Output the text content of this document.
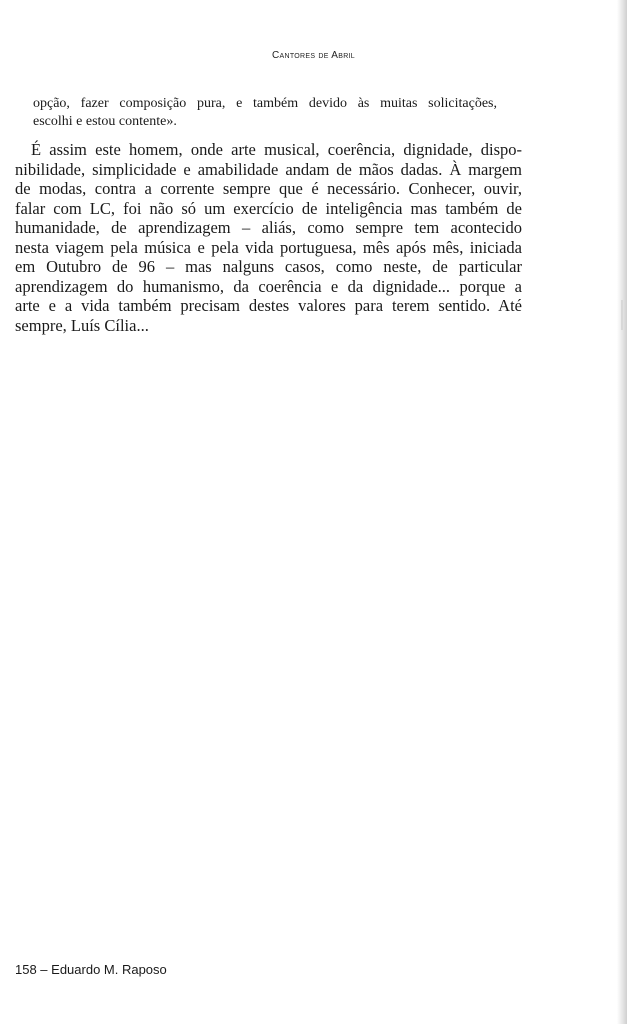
Cantores de Abril
opção, fazer composição pura, e também devido às muitas solicitações,
escolhi e estou contente».
É assim este homem, onde arte musical, coerência, dignidade, dispo-
nibilidade, simplicidade e amabilidade andam de mãos dadas. À margem
de modas, contra a corrente sempre que é necessário. Conhecer, ouvir,
falar com LC, foi não só um exercício de inteligência mas também de
humanidade, de aprendizagem – aliás, como sempre tem acontecido
nesta viagem pela música e pela vida portuguesa, mês após mês, iniciada
em Outubro de 96 – mas nalguns casos, como neste, de particular
aprendizagem do humanismo, da coerência e da dignidade... porque a
arte e a vida também precisam destes valores para terem sentido. Até
sempre, Luís Cília...
158 – Eduardo M. Raposo
